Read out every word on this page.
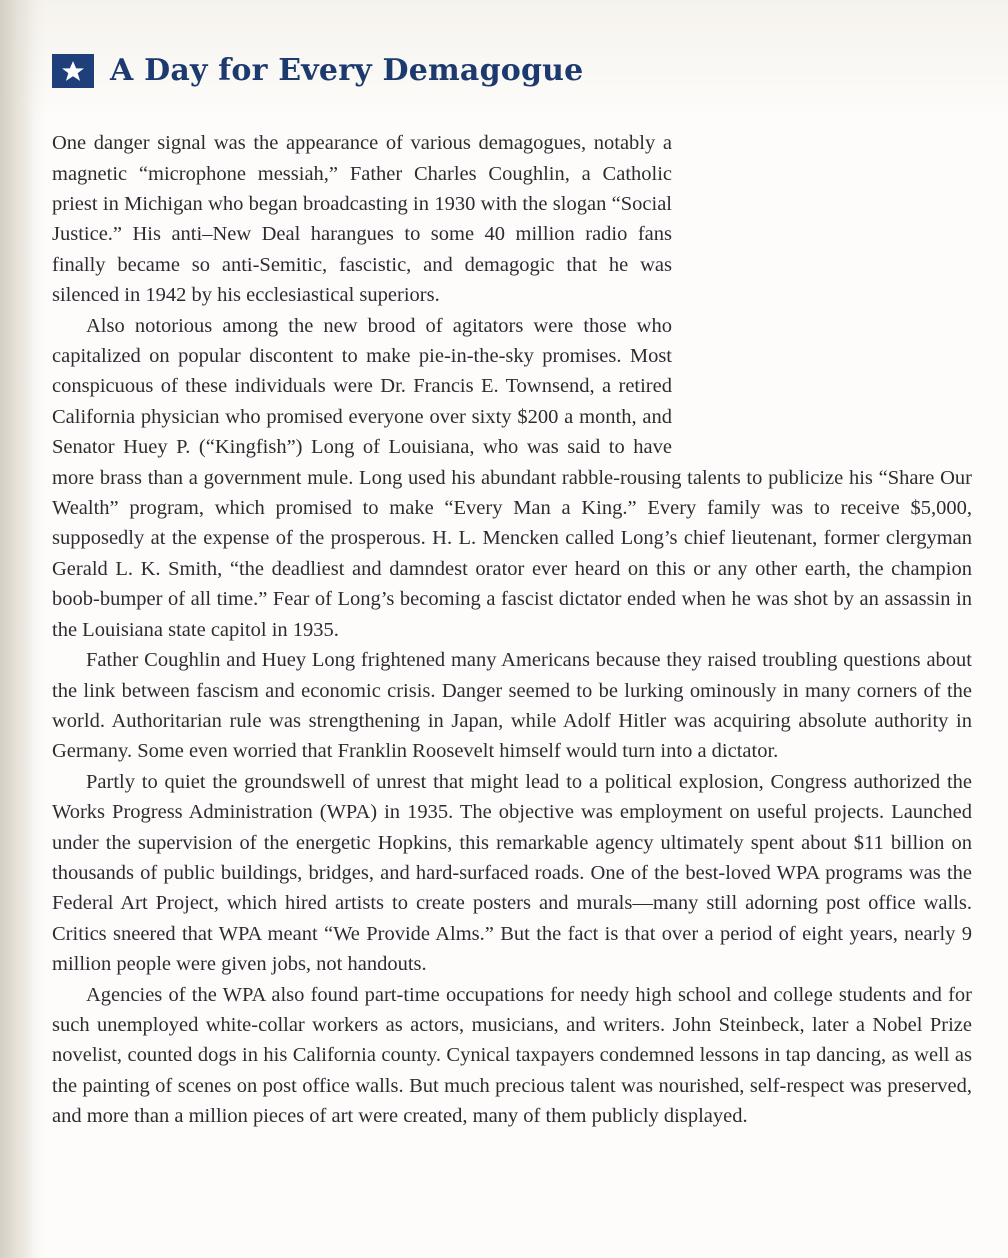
A Day for Every Demagogue

One danger signal was the appearance of various demagogues, notably a magnetic “microphone messiah,” Father Charles Coughlin, a Catholic priest in Michigan who began broadcasting in 1930 with the slogan “Social Justice.” His anti–New Deal harangues to some 40 million radio fans finally became so anti-Semitic, fascistic, and demagogic that he was silenced in 1942 by his ecclesiastical superiors.

Also notorious among the new brood of agitators were those who capitalized on popular discontent to make pie-in-the-sky promises. Most conspicuous of these individuals were Dr. Francis E. Townsend, a retired California physician who promised everyone over sixty $200 a month, and Senator Huey P. (“Kingfish”) Long of Louisiana, who was said to have more brass than a government mule. Long used his abundant rabble-rousing talents to publicize his “Share Our Wealth” program, which promised to make “Every Man a King.” Every family was to receive $5,000, supposedly at the expense of the prosperous. H. L. Mencken called Long’s chief lieutenant, former clergyman Gerald L. K. Smith, “the deadliest and damndest orator ever heard on this or any other earth, the champion boob-bumper of all time.” Fear of Long’s becoming a fascist dictator ended when he was shot by an assassin in the Louisiana state capitol in 1935.

Father Coughlin and Huey Long frightened many Americans because they raised troubling questions about the link between fascism and economic crisis. Danger seemed to be lurking ominously in many corners of the world. Authoritarian rule was strengthening in Japan, while Adolf Hitler was acquiring absolute authority in Germany. Some even worried that Franklin Roosevelt himself would turn into a dictator.

Partly to quiet the groundswell of unrest that might lead to a political explosion, Congress authorized the Works Progress Administration (WPA) in 1935. The objective was employment on useful projects. Launched under the supervision of the energetic Hopkins, this remarkable agency ultimately spent about $11 billion on thousands of public buildings, bridges, and hard-surfaced roads. One of the best-loved WPA programs was the Federal Art Project, which hired artists to create posters and murals—many still adorning post office walls. Critics sneered that WPA meant “We Provide Alms.” But the fact is that over a period of eight years, nearly 9 million people were given jobs, not handouts.

Agencies of the WPA also found part-time occupations for needy high school and college students and for such unemployed white-collar workers as actors, musicians, and writers. John Steinbeck, later a Nobel Prize novelist, counted dogs in his California county. Cynical taxpayers condemned lessons in tap dancing, as well as the painting of scenes on post office walls. But much precious talent was nourished, self-respect was preserved, and more than a million pieces of art were created, many of them publicly displayed.
